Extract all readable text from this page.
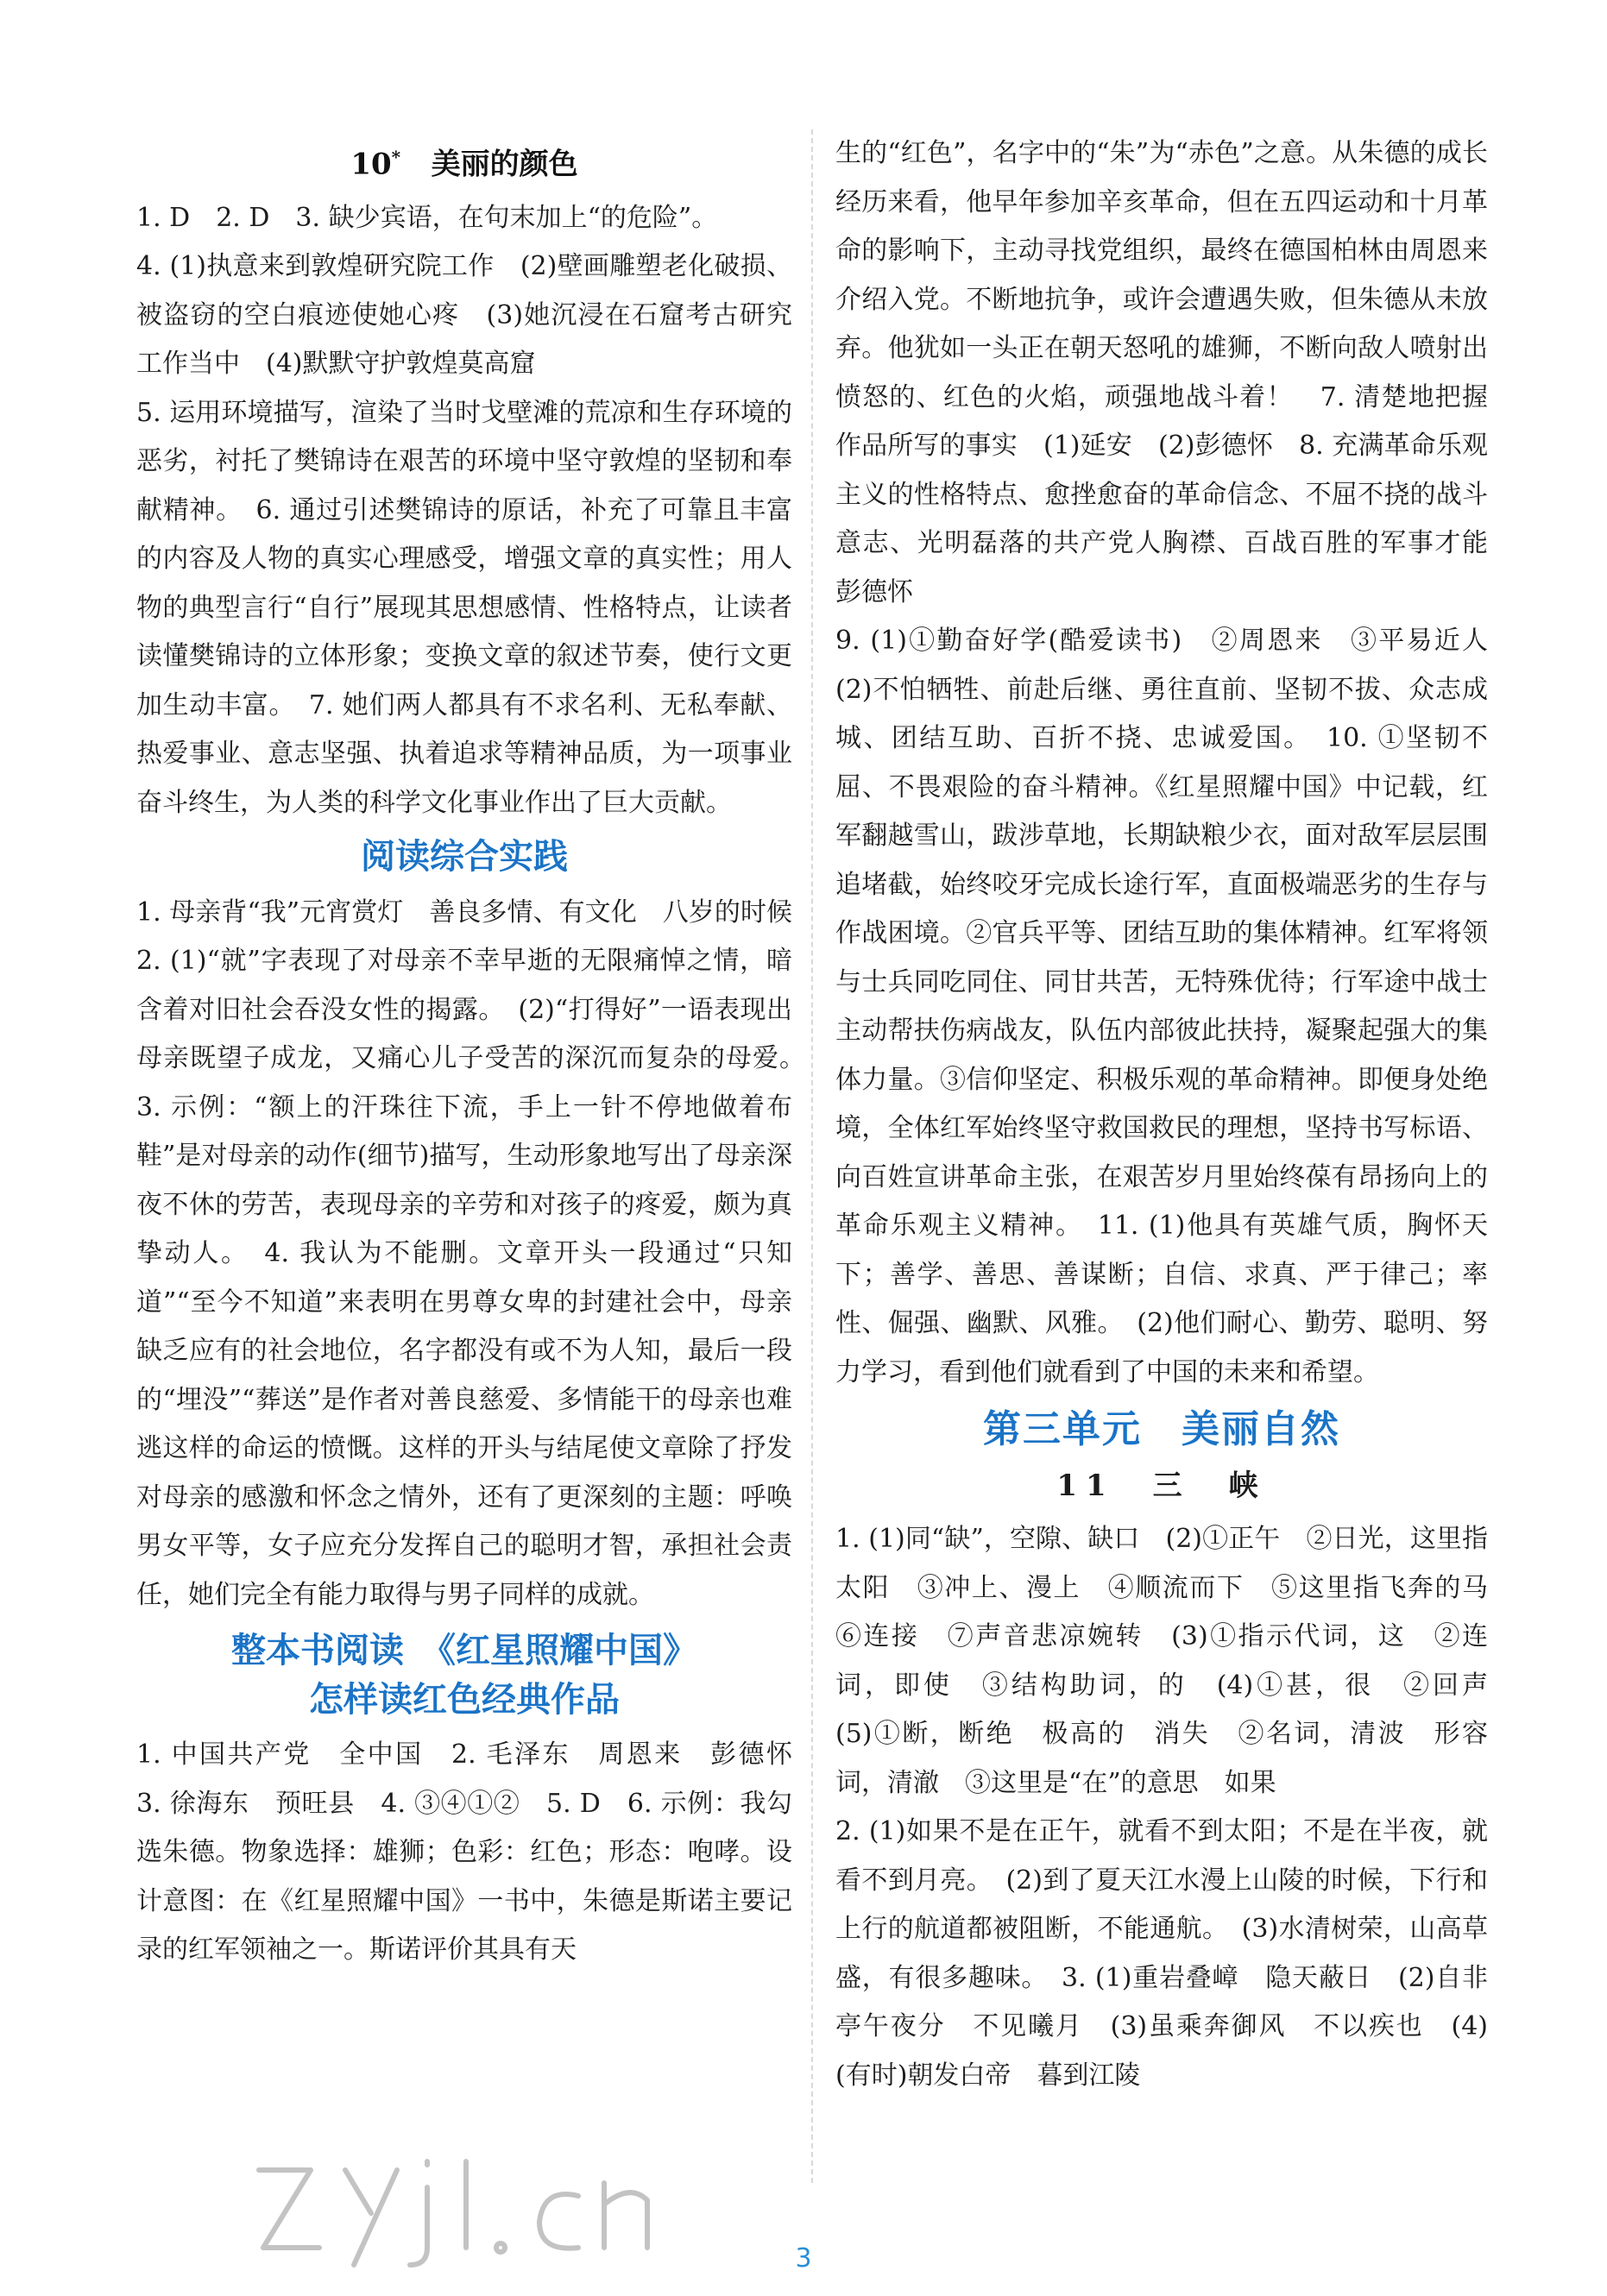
10* 美丽的颜色

1. D　2. D　3. 缺少宾语，在句末加上“的危险”。

4. (1)执意来到敦煌研究院工作　(2)壁画雕塑老化破损、被盗窃的空白痕迹使她心疼　(3)她沉浸在石窟考古研究工作当中　(4)默默守护敦煌莫高窟

5. 运用环境描写，渲染了当时戈壁滩的荒凉和生存环境的恶劣，衬托了樊锦诗在艰苦的环境中坚守敦煌的坚韧和奉献精神。　6. 通过引述樊锦诗的原话，补充了可靠且丰富的内容及人物的真实心理感受，增强文章的真实性；用人物的典型言行“自行”展现其思想感情、性格特点，让读者读懂樊锦诗的立体形象；变换文章的叙述节奏，使行文更加生动丰富。　7. 她们两人都具有不求名利、无私奉献、热爱事业、意志坚强、执着追求等精神品质，为一项事业奋斗终生，为人类的科学文化事业作出了巨大贡献。

阅读综合实践

1. 母亲背“我”元宵赏灯　善良多情、有文化　八岁的时候　2. (1)“就”字表现了对母亲不幸早逝的无限痛悼之情，暗含着对旧社会吞没女性的揭露。　(2)“打得好”一语表现出母亲既望子成龙，又痛心儿子受苦的深沉而复杂的母爱。　3. 示例：“额上的汗珠往下流，手上一针不停地做着布鞋”是对母亲的动作(细节)描写，生动形象地写出了母亲深夜不休的劳苦，表现母亲的辛劳和对孩子的疼爱，颇为真挚动人。　4. 我认为不能删。文章开头一段通过“只知道”“至今不知道”来表明在男尊女卑的封建社会中，母亲缺乏应有的社会地位，名字都没有或不为人知，最后一段的“埋没”“葬送”是作者对善良慈爱、多情能干的母亲也难逃这样的命运的愤慨。这样的开头与结尾使文章除了抒发对母亲的感激和怀念之情外，还有了更深刻的主题：呼唤男女平等，女子应充分发挥自己的聪明才智，承担社会责任，她们完全有能力取得与男子同样的成就。

整本书阅读　《红星照耀中国》
怎样读红色经典作品

1. 中国共产党　全中国　2. 毛泽东　周恩来　彭德怀　3. 徐海东　预旺县　4. ③④①②　5. D　6. 示例：我勾选朱德。物象选择：雄狮；色彩：红色；形态：咆哮。设计意图：在《红星照耀中国》一书中，朱德是斯诺主要记录的红军领袖之一。斯诺评价其具有天

生的“红色”，名字中的“朱”为“赤色”之意。从朱德的成长经历来看，他早年参加辛亥革命，但在五四运动和十月革命的影响下，主动寻找党组织，最终在德国柏林由周恩来介绍入党。不断地抗争，或许会遭遇失败，但朱德从未放弃。他犹如一头正在朝天怒吼的雄狮，不断向敌人喷射出愤怒的、红色的火焰，顽强地战斗着！　7. 清楚地把握作品所写的事实　(1)延安　(2)彭德怀　8. 充满革命乐观主义的性格特点、愈挫愈奋的革命信念、不屈不挠的战斗意志、光明磊落的共产党人胸襟、百战百胜的军事才能　彭德怀

9. (1)①勤奋好学(酷爱读书)　②周恩来　③平易近人　(2)不怕牺牲、前赴后继、勇往直前、坚韧不拔、众志成城、团结互助、百折不挠、忠诚爱国。　10. ①坚韧不屈、不畏艰险的奋斗精神。《红星照耀中国》中记载，红军翻越雪山，跋涉草地，长期缺粮少衣，面对敌军层层围追堵截，始终咬牙完成长途行军，直面极端恶劣的生存与作战困境。②官兵平等、团结互助的集体精神。红军将领与士兵同吃同住、同甘共苦，无特殊优待；行军途中战士主动帮扶伤病战友，队伍内部彼此扶持，凝聚起强大的集体力量。③信仰坚定、积极乐观的革命精神。即便身处绝境，全体红军始终坚守救国救民的理想，坚持书写标语、向百姓宣讲革命主张，在艰苦岁月里始终葆有昂扬向上的革命乐观主义精神。　11. (1)他具有英雄气质，胸怀天下；善学、善思、善谋断；自信、求真、严于律己；率性、倔强、幽默、风雅。　(2)他们耐心、勤劳、聪明、努力学习，看到他们就看到了中国的未来和希望。

第三单元　美丽自然
11　三　峡

1. (1)同“缺”，空隙、缺口　(2)①正午　②日光，这里指太阳　③冲上、漫上　④顺流而下　⑤这里指飞奔的马　⑥连接　⑦声音悲凉婉转　(3)①指示代词，这　②连词，即使　③结构助词，的　(4)①甚，很　②回声　(5)①断，断绝　极高的　消失　②名词，清波　形容词，清澈　③这里是“在”的意思　如果

2. (1)如果不是在正午，就看不到太阳；不是在半夜，就看不到月亮。　(2)到了夏天江水漫上山陵的时候，下行和上行的航道都被阻断，不能通航。　(3)水清树荣，山高草盛，有很多趣味。　3. (1)重岩叠嶂　隐天蔽日　(2)自非亭午夜分　不见曦月　(3)虽乘奔御风　不以疾也　(4)(有时)朝发白帝　暮到江陵

3
